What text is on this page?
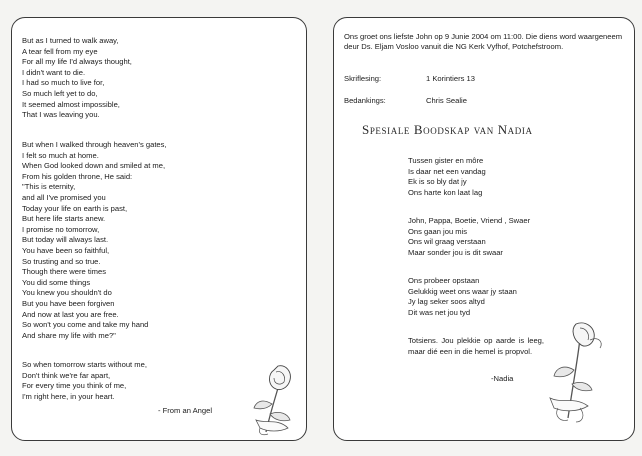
But as I turned to walk away,
A tear fell from my eye
For all my life I'd always thought,
I didn't want to die.
I had so much to live for,
So much left yet to do,
It seemed almost impossible,
That I was leaving you.
But when I walked through heaven's gates,
I felt so much at home.
When God looked down and smiled at me,
From his golden throne, He said:
"This is eternity,
and all I've promised you
Today your life on earth is past,
But here life starts anew.
I promise no tomorrow,
But today will always last.
You have been so faithful,
So trusting and so true.
Though there were times
You did some things
You knew you shouldn't do
But you have been forgiven
And now at last you are free.
So won't you come and take my hand
And share my life with me?"
So when tomorrow starts without me,
Don't think we're far apart,
For every time you think of me,
I'm right here, in your heart.
- From an Angel
Ons groet ons liefste John op 9 Junie 2004 om 11:00. Die diens word waargeneem deur Ds. Eljam Vosloo vanuit die NG Kerk Vyfhof, Potchefstroom.
Skriflesing:	1 Korintiers 13
Bedankings:	Chris Sealie
Spesiale Boodskap van Nadia
Tussen gister en môre
Is daar net een vandag
Ek is so bly dat jy
Ons harte kon laat lag
John, Pappa, Boetie, Vriend , Swaer
Ons gaan jou mis
Ons wil graag verstaan
Maar sonder jou is dit swaar
Ons probeer opstaan
Gelukkig weet ons waar jy staan
Jy lag seker soos altyd
Dit was net jou tyd
Totsiens. Jou plekkie op aarde is leeg, maar dié een in die hemel is propvol.
-Nadia
